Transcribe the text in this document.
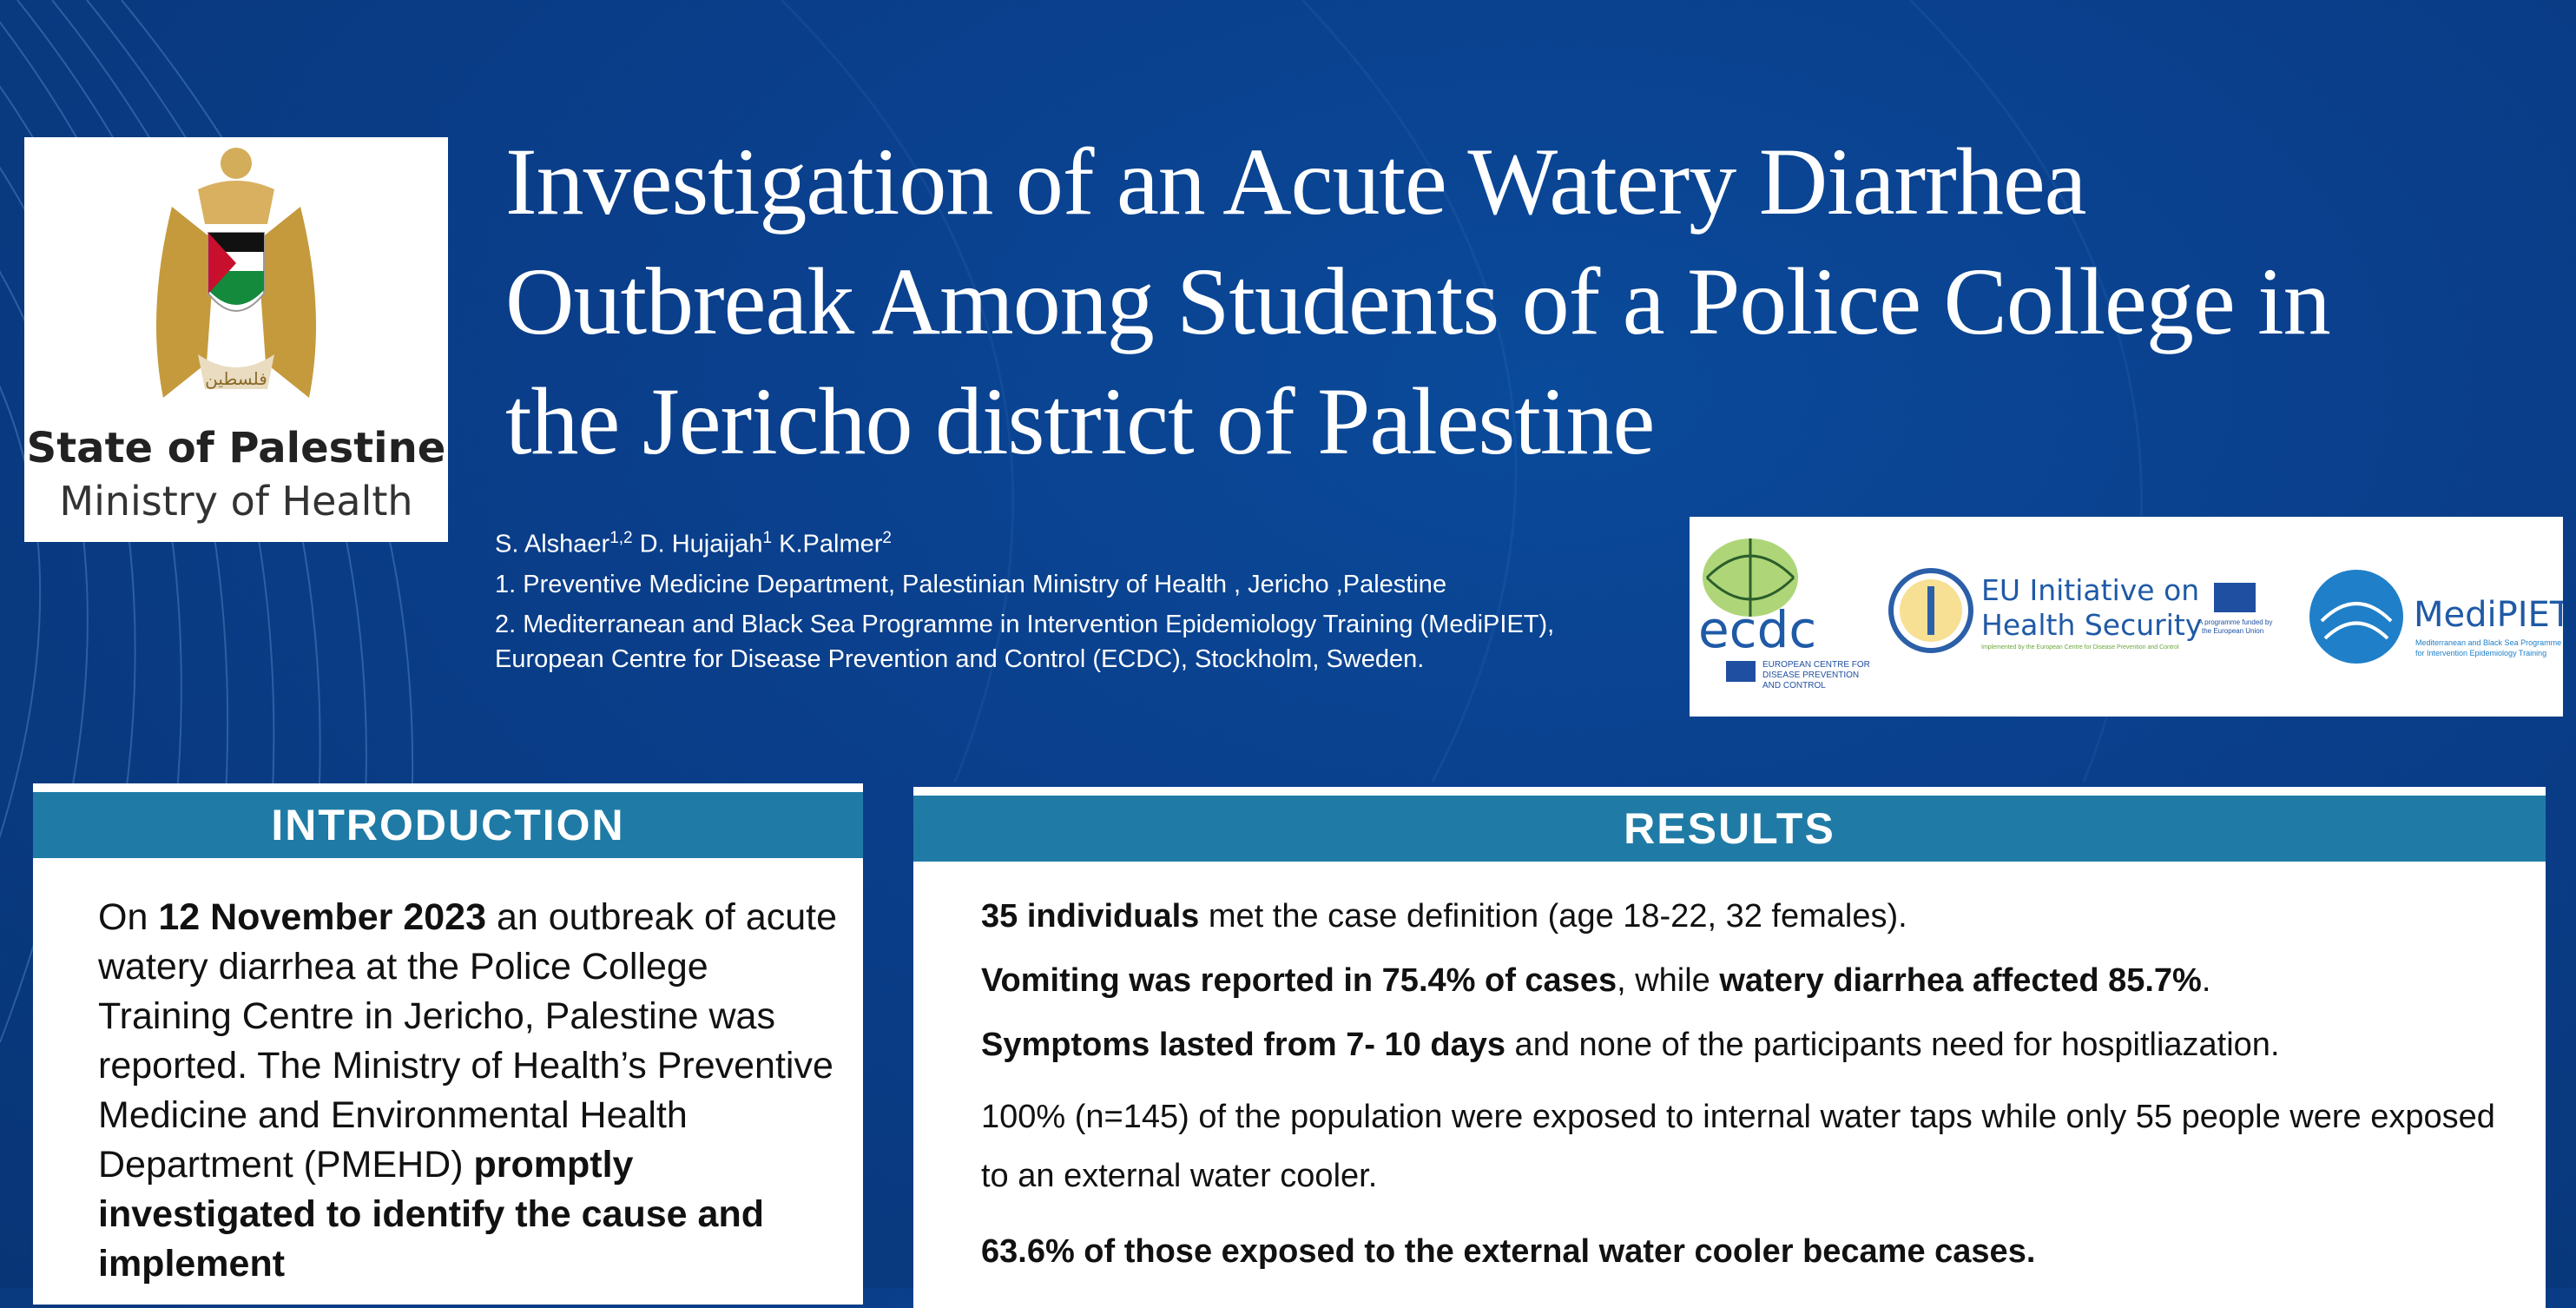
فلسطين
State of Palestine
Ministry of Health
Investigation of an Acute Watery Diarrhea
Outbreak Among Students of a Police College in
the Jericho district of Palestine

S. Alshaer$^{1,2}$ D. Hujaijah$^1$ K.Palmer$^2$

1. Preventive Medicine Department, Palestinian Ministry of Health , Jericho ,Palestine

2. Mediterranean and Black Sea Programme in Intervention Epidemiology Training (MediPIET), European Centre for Disease Prevention and Control (ECDC), Stockholm, Sweden.	ecdc
EUROPEAN CENTRE FOR
DISEASE PREVENTION
AND CONTROL
EU Initiative on
Health Security
Implemented by the European Centre for Disease Prevention and Control
A programme funded by
the European Union	MediPIET
Mediterranean and Black Sea Programme
for Intervention Epidemiology Training
INTRODUCTION
On 12 November 2023 an outbreak of acute watery diarrhea at the Police College Training Centre in Jericho, Palestine was reported. The Ministry of Health’s Preventive Medicine and Environmental Health Department (PMEHD) promptly investigated to identify the cause and implement
RESULTS

35 individuals met the case definition (age 18-22, 32 females).

Vomiting was reported in 75.4% of cases, while watery diarrhea affected 85.7%.

Symptoms lasted from 7- 10 days and none of the participants need for hospitliazation.

100% (n=145) of the population were exposed to internal water taps while only 55 people were exposed to an external water cooler.

63.6% of those exposed to the external water cooler became cases.
